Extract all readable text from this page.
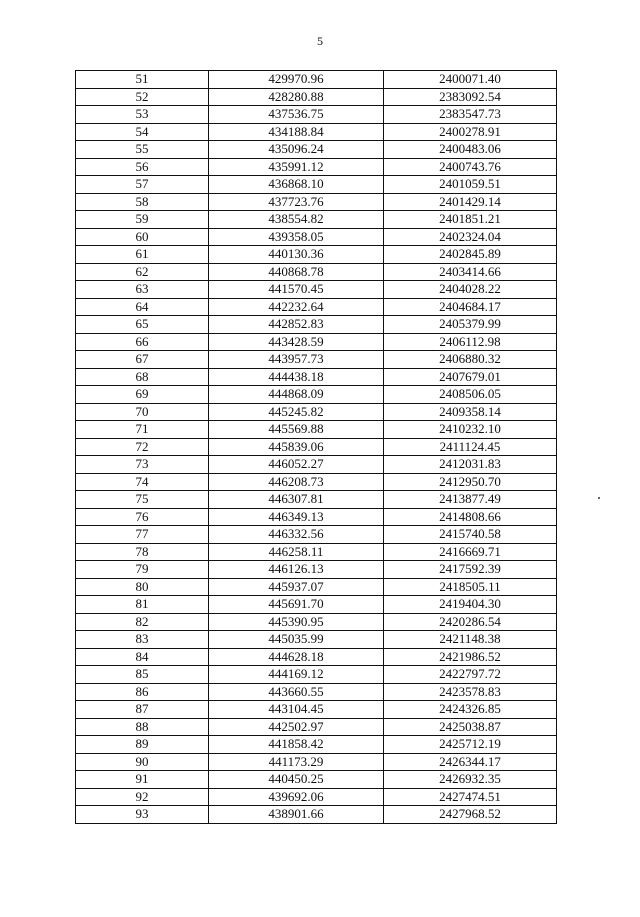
5
51	429970.96	2400071.40
52	428280.88	2383092.54
53	437536.75	2383547.73
54	434188.84	2400278.91
55	435096.24	2400483.06
56	435991.12	2400743.76
57	436868.10	2401059.51
58	437723.76	2401429.14
59	438554.82	2401851.21
60	439358.05	2402324.04
61	440130.36	2402845.89
62	440868.78	2403414.66
63	441570.45	2404028.22
64	442232.64	2404684.17
65	442852.83	2405379.99
66	443428.59	2406112.98
67	443957.73	2406880.32
68	444438.18	2407679.01
69	444868.09	2408506.05
70	445245.82	2409358.14
71	445569.88	2410232.10
72	445839.06	2411124.45
73	446052.27	2412031.83
74	446208.73	2412950.70
75	446307.81	2413877.49
76	446349.13	2414808.66
77	446332.56	2415740.58
78	446258.11	2416669.71
79	446126.13	2417592.39
80	445937.07	2418505.11
81	445691.70	2419404.30
82	445390.95	2420286.54
83	445035.99	2421148.38
84	444628.18	2421986.52
85	444169.12	2422797.72
86	443660.55	2423578.83
87	443104.45	2424326.85
88	442502.97	2425038.87
89	441858.42	2425712.19
90	441173.29	2426344.17
91	440450.25	2426932.35
92	439692.06	2427474.51
93	438901.66	2427968.52
